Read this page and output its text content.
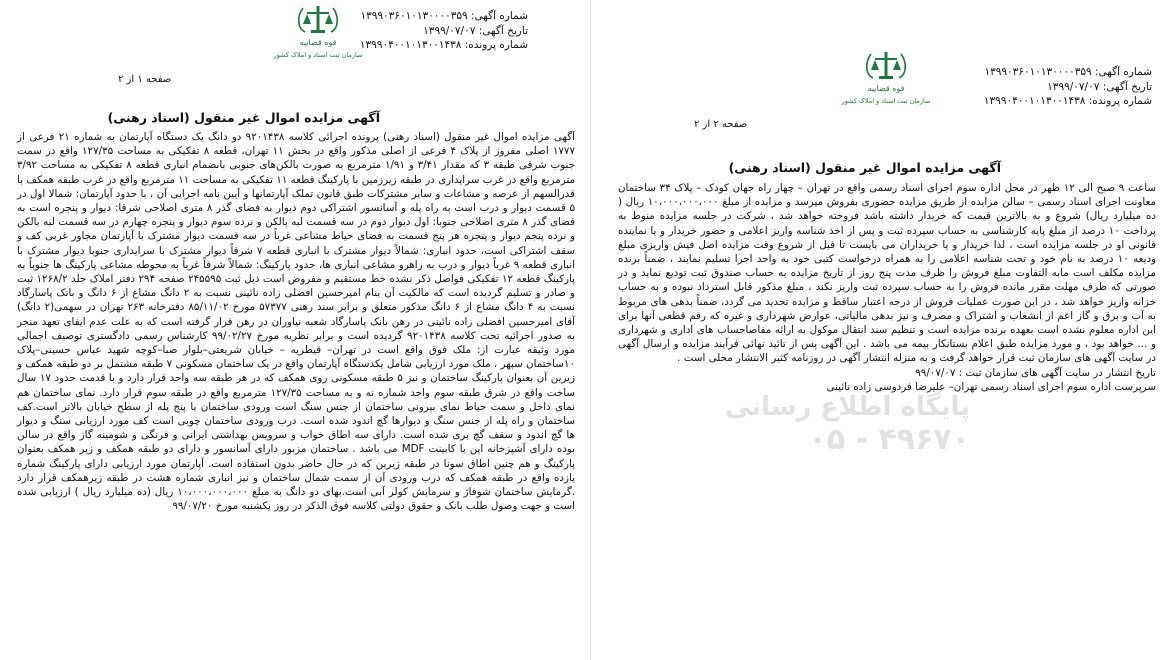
شماره آگهی: ۱۳۹۹۰۳۶۰۱۰۱۳۰۰۰۰۳۵۹
تاریخ آگهی: ۱۳۹۹/۰۷/۰۷
شماره پرونده: ۱۳۹۹۰۴۰۰۱۰۱۳۰۰۱۴۳۸
قوه قضاییه
سازمان ثبت اسناد و املاک کشور
صفحه ۱ از ۲
آگهی مزایده اموال غیر منقول (اسناد رهنی)

آگهی مزایده اموال غیر منقول (اسناد رهنی) پرونده اجرائی کلاسه ۹۲۰۱۴۳۸ دو دانگ یک دستگاه آپارتمان به شماره ۲۱ فرعی از ۱۷۷۷ اصلی مفروز از پلاک ۴ فرعی از اصلی مذکور واقع در بخش ۱۱ تهران، قطعه ۸ تفکیکی به مساحت ۱۲۷/۳۵ واقع در سمت جنوب شرقی طبقه ۳ که مقدار ۳/۴۱ و ۱/۹۱ مترمربع به صورت بالکن‌های جنوبی بانضمام انباری قطعه ۸ تفکیکی به مساحت ۳/۹۲ مترمربع واقع در غرب سرایداری در طبقه زیرزمین با پارکینگ قطعه ۱۱ تفکیکی به مساحت ۱۱ مترمربع واقع در غرب طبقه همکف با قدرالسهم از عرصه و مشاعات و سایر مشترکات طبق قانون تملک آپارتمانها و آیین نامه اجرایی آن ، با حدود آپارتمان: شمالا اول در ۵ قسمت دیوار و درب است به راه پله و آسانسور اشتراکی دوم دیوار به فضای گذر ۸ متری اصلاحی شرقا: دیوار و پنجره است به فضای گذر ۸ متری اصلاحی جنوبا: اول دیوار دوم در سه قسمت لبه بالکن و نرده سوم دیوار و پنجره چهارم در سه قسمت لبه بالکن و نرده پنجم دیوار و پنجره هر پنج قسمت به فضای حیاط مشاعی غرباً در سه قسمت دیوار مشترک با آپارتمان مجاور غربی کف و سقف اشتراکی است، حدود انباری: شمالاً دیوار مشترک با انباری قطعه ۷ شرقاً دیوار مشترک با سرایداری جنوبا دیوار مشترک با انباری قطعه ۹ غرباً دیوار و درب به راهرو مشاعی انباری ها، حدود پارکینگ: شمالاً شرقاً غرباً به محوطه مشاعی پارکینگ ها جنوباً به پارکینگ قطعه ۱۲ تفکیکی فواصل ذکر نشده خط مستقیم و مفروض است ذیل ثبت ۲۴۵۵۹۵ صفحه ۲۹۴ دفتر املاک جلد ۱۲۶۸/۲ ثبت و صادر و تسلیم گردیده است که مالکیت آن بنام امیرحسین افضلی زاده نائینی نسبت به ۲ دانگ مشاع از ۶ دانگ و بانک پاسارگاد نسبت به ۴ دانگ مشاع از ۶ دانگ مذکور متعلق و برابر سند رهنی ۵۷۳۷۷ مورخ ۸۵/۱۱/۰۲ دفترخانه ۲۶۳ تهران در سهمی(۲ دانگ) آقای امیرحسین افضلی زاده نائینی در رهن بانک پاسارگاد شعبه نیاوران در رهن قرار گرفته است که به علت عدم ایفای تعهد منجر به صدور اجرائیه تحت کلاسه ۹۲۰۱۴۳۸ گردیده است و برابر نظریه مورخ ۹۹/۰۲/۲۷ کارشناس رسمی دادگستری توصیف اجمالی مورد وثیقه عبارت از: ملک فوق واقع است در تهران– قیطریه – خیابان شریعتی–بلوار صبا–کوچه شهید عباس حسینی–پلاک ۱۰ساختمان سپهر ، ملک مورد ارزیابی شامل یکدستگاه آپارتمان واقع در یک ساختمان مسکونی ۷ طبقه مشتمل بر دو طبقه همکف و زیرین آن بعنوان پارکینگ ساختمان و نیز ۵ طبقه مسکونی روی همکف که در هر طبقه سه واحد قرار دارد و با قدمت حدود ۱۷ سال ساخت واقع در شرق طبقه سوم واحد شماره نه و به مساحت ۱۲۷/۳۵ مترمربع واقع در طبقه سوم قرار دارد. نمای ساختمان هم نمای داخل و سمت حیاط نمای بیرونی ساختمان از جنس سنگ است ورودی ساختمان با پنج پله از سطح خیابان بالاتر است.کف ساختمان و راه پله از جنس سنگ و دیوارها گچ اندود شده است. درب ورودی ساختمان چوبی است کف مورد ارزیابی سنگ و دیوار ها گچ اندود و سقف گچ بری شده است. دارای سه اطاق خواب و سرویس بهداشتی ایرانی و فرنگی و شومینه گاز واقع در سالن بوده دارای آشپزخانه اپن با کابینت MDF می باشد . ساختمان مزبور دارای آسانسور و دارای دو طبقه همکف و زیر همکف بعنوان پارکینگ و هم چنین اطاق سونا در طبقه زیرین که در حال حاضر بدون استفاده است. آپارتمان مورد ارزیابی دارای پارکینگ شماره یازده واقع در طبقه همکف که درب ورودی آن از سمت شمال ساختمان و نیز انباری شماره هشت در طبقه زیرهمکف قرار دارد .گرمایش ساختمان شوفاژ و سرمایش کولر آبی است.بهای دو دانگ به مبلغ ۱۰،۰۰۰،۰۰۰،۰۰۰ ریال (ده میلیارد ریال ) ارزیابی شده است و جهت وصول طلب بانک و حقوق دولتی کلاسه فوق الذکر در روز یکشنبه مورخ ۹۹/۰۷/۲۰

شماره آگهی: ۱۳۹۹۰۳۶۰۱۰۱۳۰۰۰۰۳۵۹
تاریخ آگهی: ۱۳۹۹/۰۷/۰۷
شماره پرونده: ۱۳۹۹۰۴۰۰۱۰۱۳۰۰۱۴۳۸
قوه قضاییه
سازمان ثبت اسناد و املاک کشور
صفحه ۲ از ۲
آگهی مزایده اموال غیر منقول (اسناد رهنی)

ساعت ۹ صبح الی ۱۲ ظهر در محل اداره سوم اجرای اسناد رسمی واقع در تهران – چهار راه جهان کودک – پلاک ۳۴ ساختمان معاونت اجرای اسناد رسمی – سالن مزایده از طریق مزایده حضوری بفروش میرسد و مزایده از مبلغ ۱۰،۰۰۰،۰۰۰،۰۰۰ ریال ( ده میلیارد ریال) شروع و به بالاترین قیمت که خریدار داشته باشد فروخته خواهد شد ، شرکت در جلسه مزایده منوط به پرداخت ۱۰ درصد از مبلغ پایه کارشناسی به حساب سپرده ثبت و پس از اخذ شناسه واریز اعلامی و حضور خریدار و یا نماینده قانونی او در جلسه مزایده است ، لذا خریدار و یا خریداران می بایست تا قبل از شروع وقت مزایده اصل فیش واریزی مبلغ ودیعه ۱۰ درصد به نام خود و تحت شناسه اعلامی را به همراه درخواست کتبی خود به واحد اجرا تسلیم نمایند ، ضمناً برنده مزایده مکلف است مابه التفاوت مبلغ فروش را ظرف مدت پنج روز از تاریخ مزایده به حساب صندوق ثبت تودیع نماید و در صورتی که ظرف مهلت مقرر مانده فروش را به حساب سپرده ثبت واریز نکند ، مبلغ مذکور قابل استرداد نبوده و به حساب خزانه واریز خواهد شد ، در این صورت عملیات فروش از درجه اعتبار ساقط و مزایده تجدید می گردد، ضمناً بدهی های مربوط به آب و برق و گاز اعم از انشعاب و اشتراک و مصرف و نیز بدهی مالیاتی، عوارض شهرداری و غیره که رقم قطعی آنها برای این اداره معلوم نشده است بعهده برنده مزایده است و تنظیم سند انتقال موکول به ارائه مفاصاحساب های اداری و شهرداری و ... خواهد بود ، و مورد مزایده طبق اعلام بستانکار بیمه می باشد . این آگهی پس از تائید نهائی فرآیند مزایده و ارسال آگهی در سایت آگهی های سازمان ثبت قرار خواهد گرفت و به منزله انتشار آگهی در روزنامه کثیر الانتشار محلی است .

تاریخ انتشار در سایت آگهی های سازمان ثبت : ۹۹/۰۷/۰۷

سرپرست اداره سوم اجرای اسناد رسمی تهران– علیرضا فردوسی زاده نائینی

پایگاه اطلاع رسانی
۰۵ - ۴۹۶۷۰
